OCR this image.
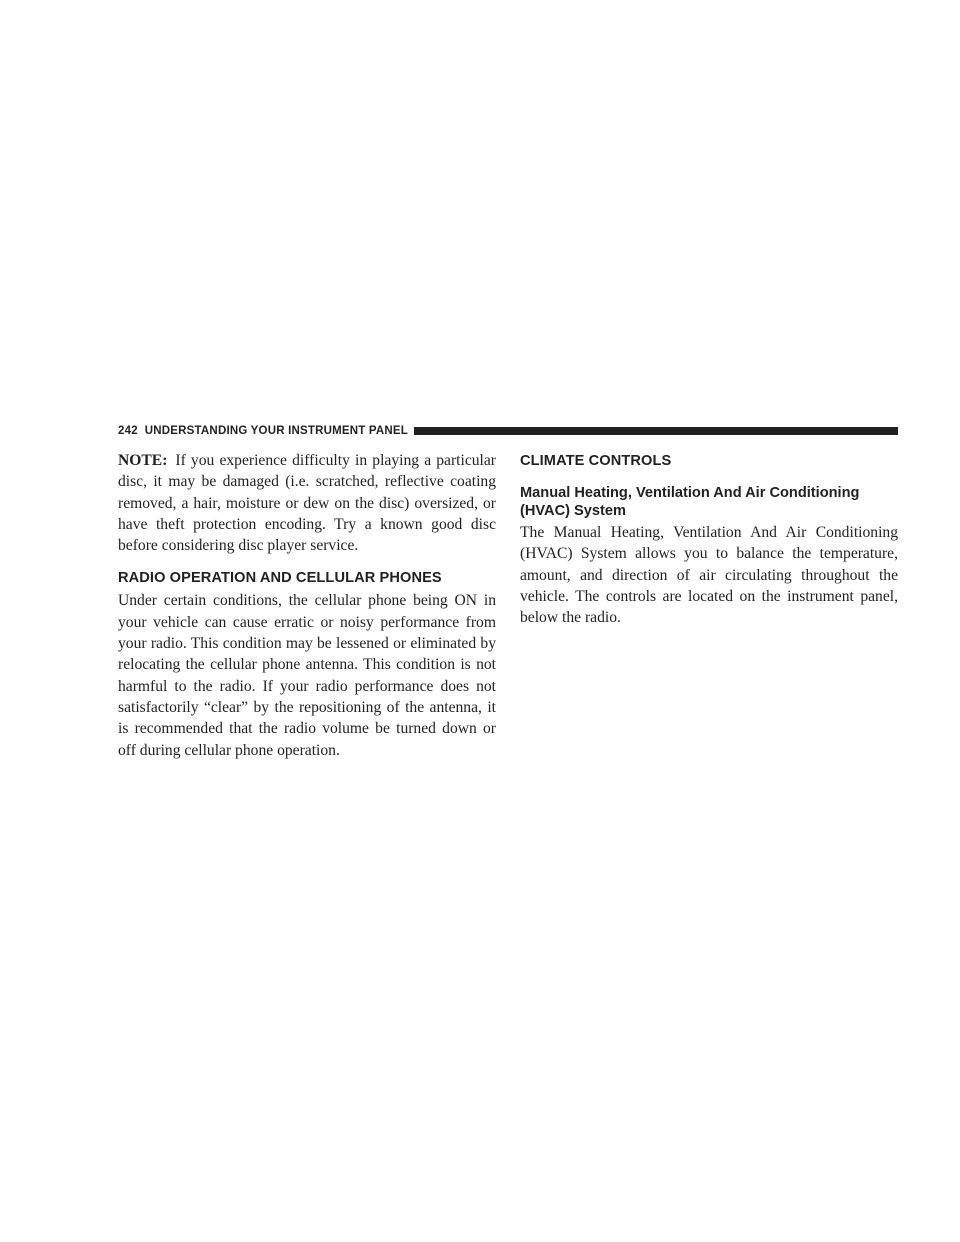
242 UNDERSTANDING YOUR INSTRUMENT PANEL

NOTE: If you experience difficulty in playing a particular disc, it may be damaged (i.e. scratched, reflective coating removed, a hair, moisture or dew on the disc) oversized, or have theft protection encoding. Try a known good disc before considering disc player service.

RADIO OPERATION AND CELLULAR PHONES

Under certain conditions, the cellular phone being ON in your vehicle can cause erratic or noisy performance from your radio. This condition may be lessened or eliminated by relocating the cellular phone antenna. This condition is not harmful to the radio. If your radio performance does not satisfactorily “clear” by the repositioning of the antenna, it is recommended that the radio volume be turned down or off during cellular phone operation.

CLIMATE CONTROLS
Manual Heating, Ventilation And Air Conditioning (HVAC) System

The Manual Heating, Ventilation And Air Conditioning (HVAC) System allows you to balance the temperature, amount, and direction of air circulating throughout the vehicle. The controls are located on the instrument panel, below the radio.
